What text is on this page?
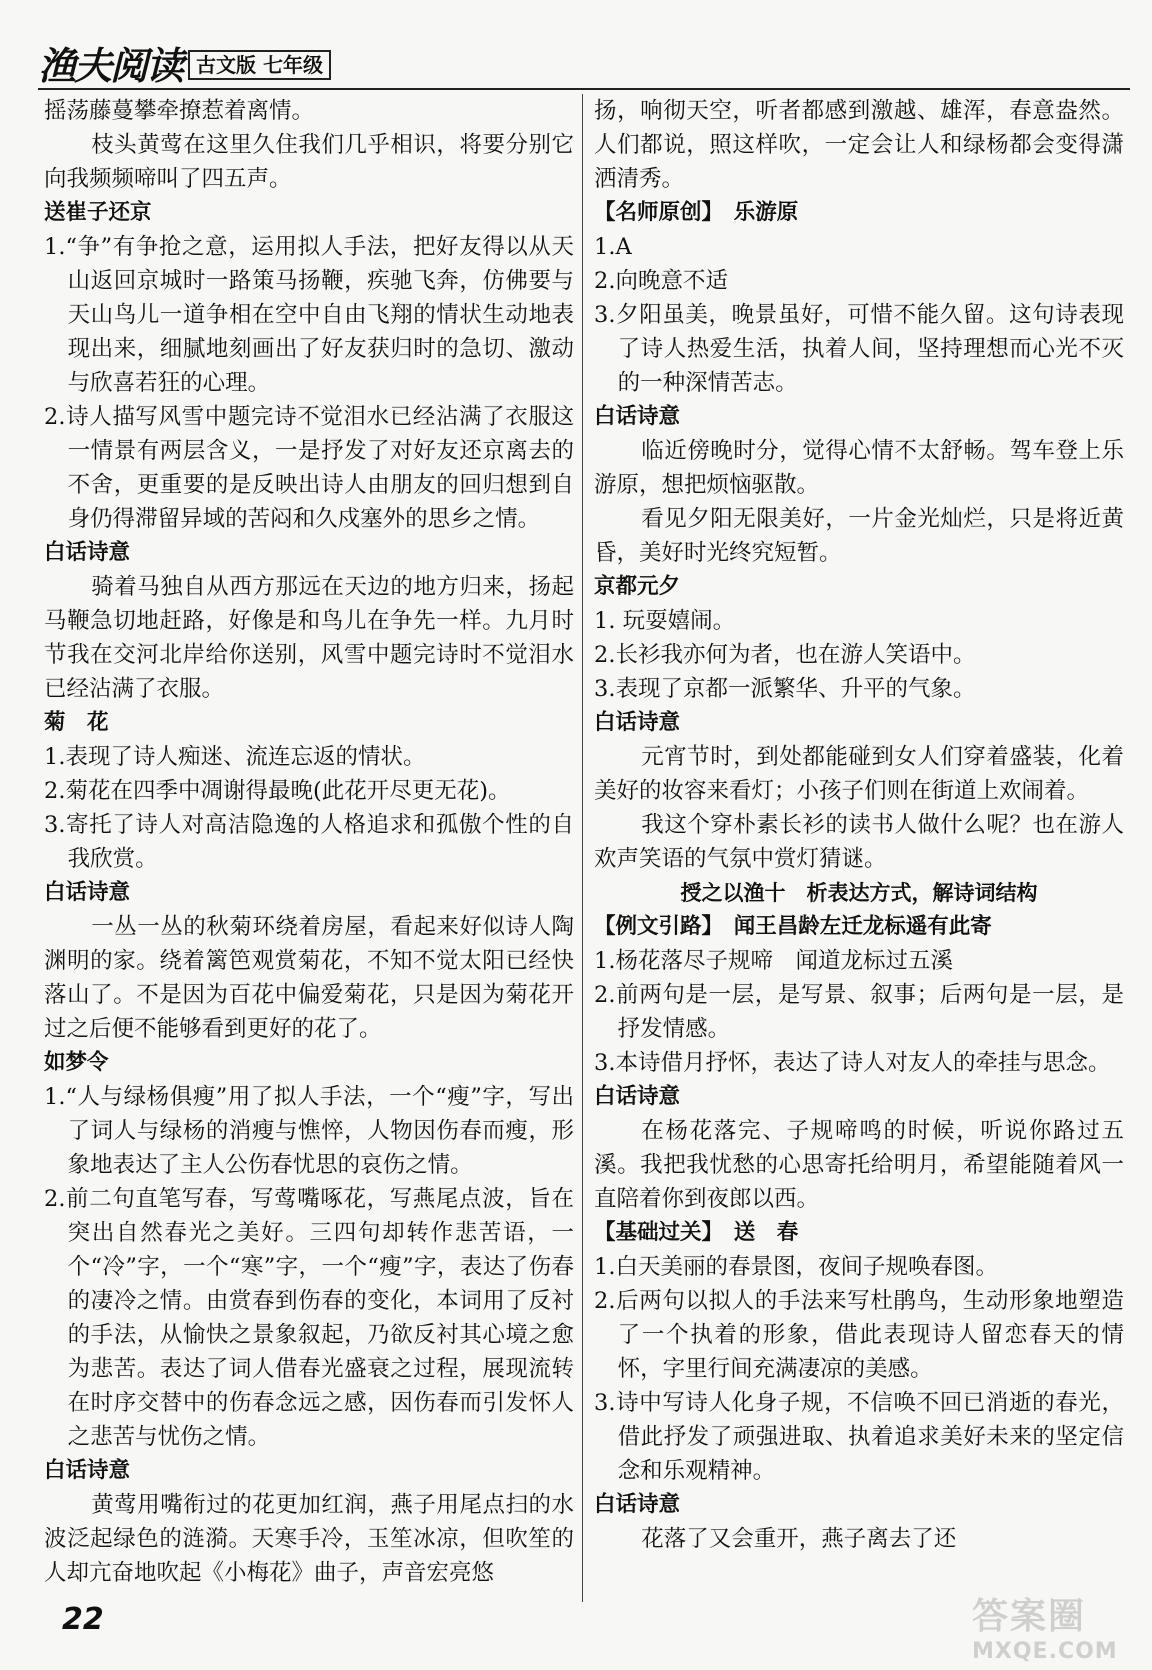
渔夫阅读 古文版 七年级

摇荡藤蔓攀牵撩惹着离情。

枝头黄莺在这里久住我们几乎相识，将要分别它向我频频啼叫了四五声。

送崔子还京

1.“争”有争抢之意，运用拟人手法，把好友得以从天山返回京城时一路策马扬鞭，疾驰飞奔，仿佛要与天山鸟儿一道争相在空中自由飞翔的情状生动地表现出来，细腻地刻画出了好友获归时的急切、激动与欣喜若狂的心理。

2.诗人描写风雪中题完诗不觉泪水已经沾满了衣服这一情景有两层含义，一是抒发了对好友还京离去的不舍，更重要的是反映出诗人由朋友的回归想到自身仍得滞留异域的苦闷和久戍塞外的思乡之情。

白话诗意

骑着马独自从西方那远在天边的地方归来，扬起马鞭急切地赶路，好像是和鸟儿在争先一样。九月时节我在交河北岸给你送别，风雪中题完诗时不觉泪水已经沾满了衣服。

菊　花

1.表现了诗人痴迷、流连忘返的情状。

2.菊花在四季中凋谢得最晚(此花开尽更无花)。

3.寄托了诗人对高洁隐逸的人格追求和孤傲个性的自我欣赏。

白话诗意

一丛一丛的秋菊环绕着房屋，看起来好似诗人陶渊明的家。绕着篱笆观赏菊花，不知不觉太阳已经快落山了。不是因为百花中偏爱菊花，只是因为菊花开过之后便不能够看到更好的花了。

如梦令

1.“人与绿杨俱瘦”用了拟人手法，一个“瘦”字，写出了词人与绿杨的消瘦与憔悴，人物因伤春而瘦，形象地表达了主人公伤春忧思的哀伤之情。

2.前二句直笔写春，写莺嘴啄花，写燕尾点波，旨在突出自然春光之美好。三四句却转作悲苦语，一个“冷”字，一个“寒”字，一个“瘦”字，表达了伤春的凄冷之情。由赏春到伤春的变化，本词用了反衬的手法，从愉快之景象叙起，乃欲反衬其心境之愈为悲苦。表达了词人借春光盛衰之过程，展现流转在时序交替中的伤春念远之感，因伤春而引发怀人之悲苦与忧伤之情。

白话诗意

黄莺用嘴衔过的花更加红润，燕子用尾点扫的水波泛起绿色的涟漪。天寒手冷，玉笙冰凉，但吹笙的人却亢奋地吹起《小梅花》曲子，声音宏亮悠

扬，响彻天空，听者都感到激越、雄浑，春意盎然。人们都说，照这样吹，一定会让人和绿杨都会变得潇洒清秀。

【名师原创】　乐游原

1.A

2.向晚意不适

3.夕阳虽美，晚景虽好，可惜不能久留。这句诗表现了诗人热爱生活，执着人间，坚持理想而心光不灭的一种深情苦志。

白话诗意

临近傍晚时分，觉得心情不太舒畅。驾车登上乐游原，想把烦恼驱散。

看见夕阳无限美好，一片金光灿烂，只是将近黄昏，美好时光终究短暂。

京都元夕

1. 玩耍嬉闹。

2.长衫我亦何为者，也在游人笑语中。

3.表现了京都一派繁华、升平的气象。

白话诗意

元宵节时，到处都能碰到女人们穿着盛装，化着美好的妆容来看灯；小孩子们则在街道上欢闹着。

我这个穿朴素长衫的读书人做什么呢？也在游人欢声笑语的气氛中赏灯猜谜。

授之以渔十　析表达方式，解诗词结构

【例文引路】　闻王昌龄左迁龙标遥有此寄

1.杨花落尽子规啼　闻道龙标过五溪

2.前两句是一层，是写景、叙事；后两句是一层，是抒发情感。

3.本诗借月抒怀，表达了诗人对友人的牵挂与思念。

白话诗意

在杨花落完、子规啼鸣的时候，听说你路过五溪。我把我忧愁的心思寄托给明月，希望能随着风一直陪着你到夜郎以西。

【基础过关】　送　春

1.白天美丽的春景图，夜间子规唤春图。

2.后两句以拟人的手法来写杜鹃鸟，生动形象地塑造了一个执着的形象，借此表现诗人留恋春天的情怀，字里行间充满凄凉的美感。

3.诗中写诗人化身子规，不信唤不回已消逝的春光，借此抒发了顽强进取、执着追求美好未来的坚定信念和乐观精神。

白话诗意

花落了又会重开，燕子离去了还

22	答案圈
MXQE.COM
